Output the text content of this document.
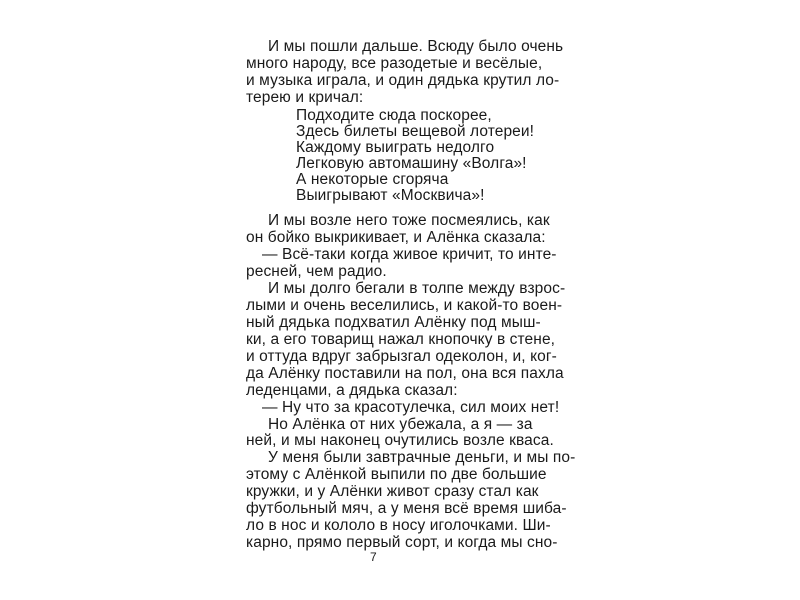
И мы пошли дальше. Всюду было очень
много народу, все разодетые и весёлые,
и музыка играла, и один дядька крутил ло-
терею и кричал:
Подходите сюда поскорее,
Здесь билеты вещевой лотереи!
Каждому выиграть недолго
Легковую автомашину «Волга»!
А некоторые сгоряча
Выигрывают «Москвича»!
И мы возле него тоже посмеялись, как
он бойко выкрикивает, и Алёнка сказала:
— Всё-таки когда живое кричит, то инте-
ресней, чем радио.
И мы долго бегали в толпе между взрос-
лыми и очень веселились, и какой-то воен-
ный дядька подхватил Алёнку под мыш-
ки, а его товарищ нажал кнопочку в стене,
и оттуда вдруг забрызгал одеколон, и, ког-
да Алёнку поставили на пол, она вся пахла
леденцами, а дядька сказал:
— Ну что за красотулечка, сил моих нет!
Но Алёнка от них убежала, а я — за
ней, и мы наконец очутились возле кваса.
У меня были завтрачные деньги, и мы по-
этому с Алёнкой выпили по две большие
кружки, и у Алёнки живот сразу стал как
футбольный мяч, а у меня всё время шиба-
ло в нос и кололо в носу иголочками. Ши-
карно, прямо первый сорт, и когда мы сно-
7
